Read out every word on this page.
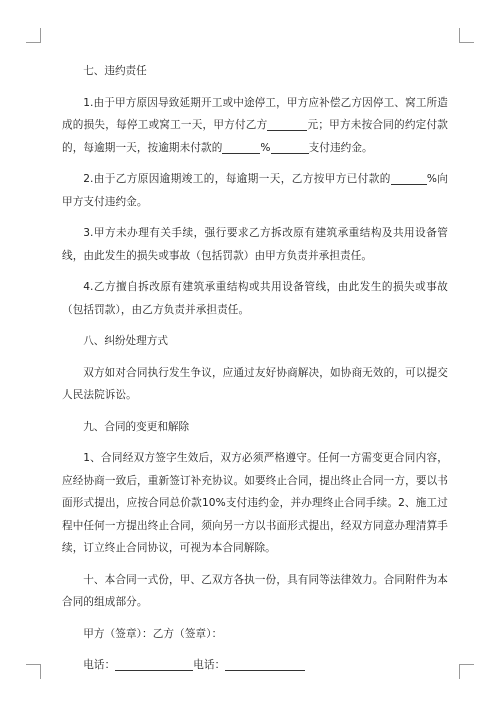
七、违约责任

1.由于甲方原因导致延期开工或中途停工，甲方应补偿乙方因停工、窝工所造成的损失，每停工或窝工一天，甲方付乙方	元；甲方未按合同的约定付款的，每逾期一天，按逾期未付款的	%	支付违约金。

2.由于乙方原因逾期竣工的，每逾期一天，乙方按甲方已付款的	%向甲方支付违约金。

3.甲方未办理有关手续，强行要求乙方拆改原有建筑承重结构及共用设备管线，由此发生的损失或事故（包括罚款）由甲方负责并承担责任。

4.乙方擅自拆改原有建筑承重结构或共用设备管线，由此发生的损失或事故（包括罚款），由乙方负责并承担责任。

八、纠纷处理方式

双方如对合同执行发生争议，应通过友好协商解决，如协商无效的，可以提交人民法院诉讼。

九、合同的变更和解除

1、合同经双方签字生效后，双方必须严格遵守。任何一方需变更合同内容，应经协商一致后，重新签订补充协议。如要终止合同，提出终止合同一方，要以书面形式提出，应按合同总价款10%支付违约金，并办理终止合同手续。2、施工过程中任何一方提出终止合同，须向另一方以书面形式提出，经双方同意办理清算手续，订立终止合同协议，可视为本合同解除。

十、本合同一式份，甲、乙双方各执一份，具有同等法律效力。合同附件为本合同的组成部分。

甲方（签章）：乙方（签章）：

电话：	电话：
